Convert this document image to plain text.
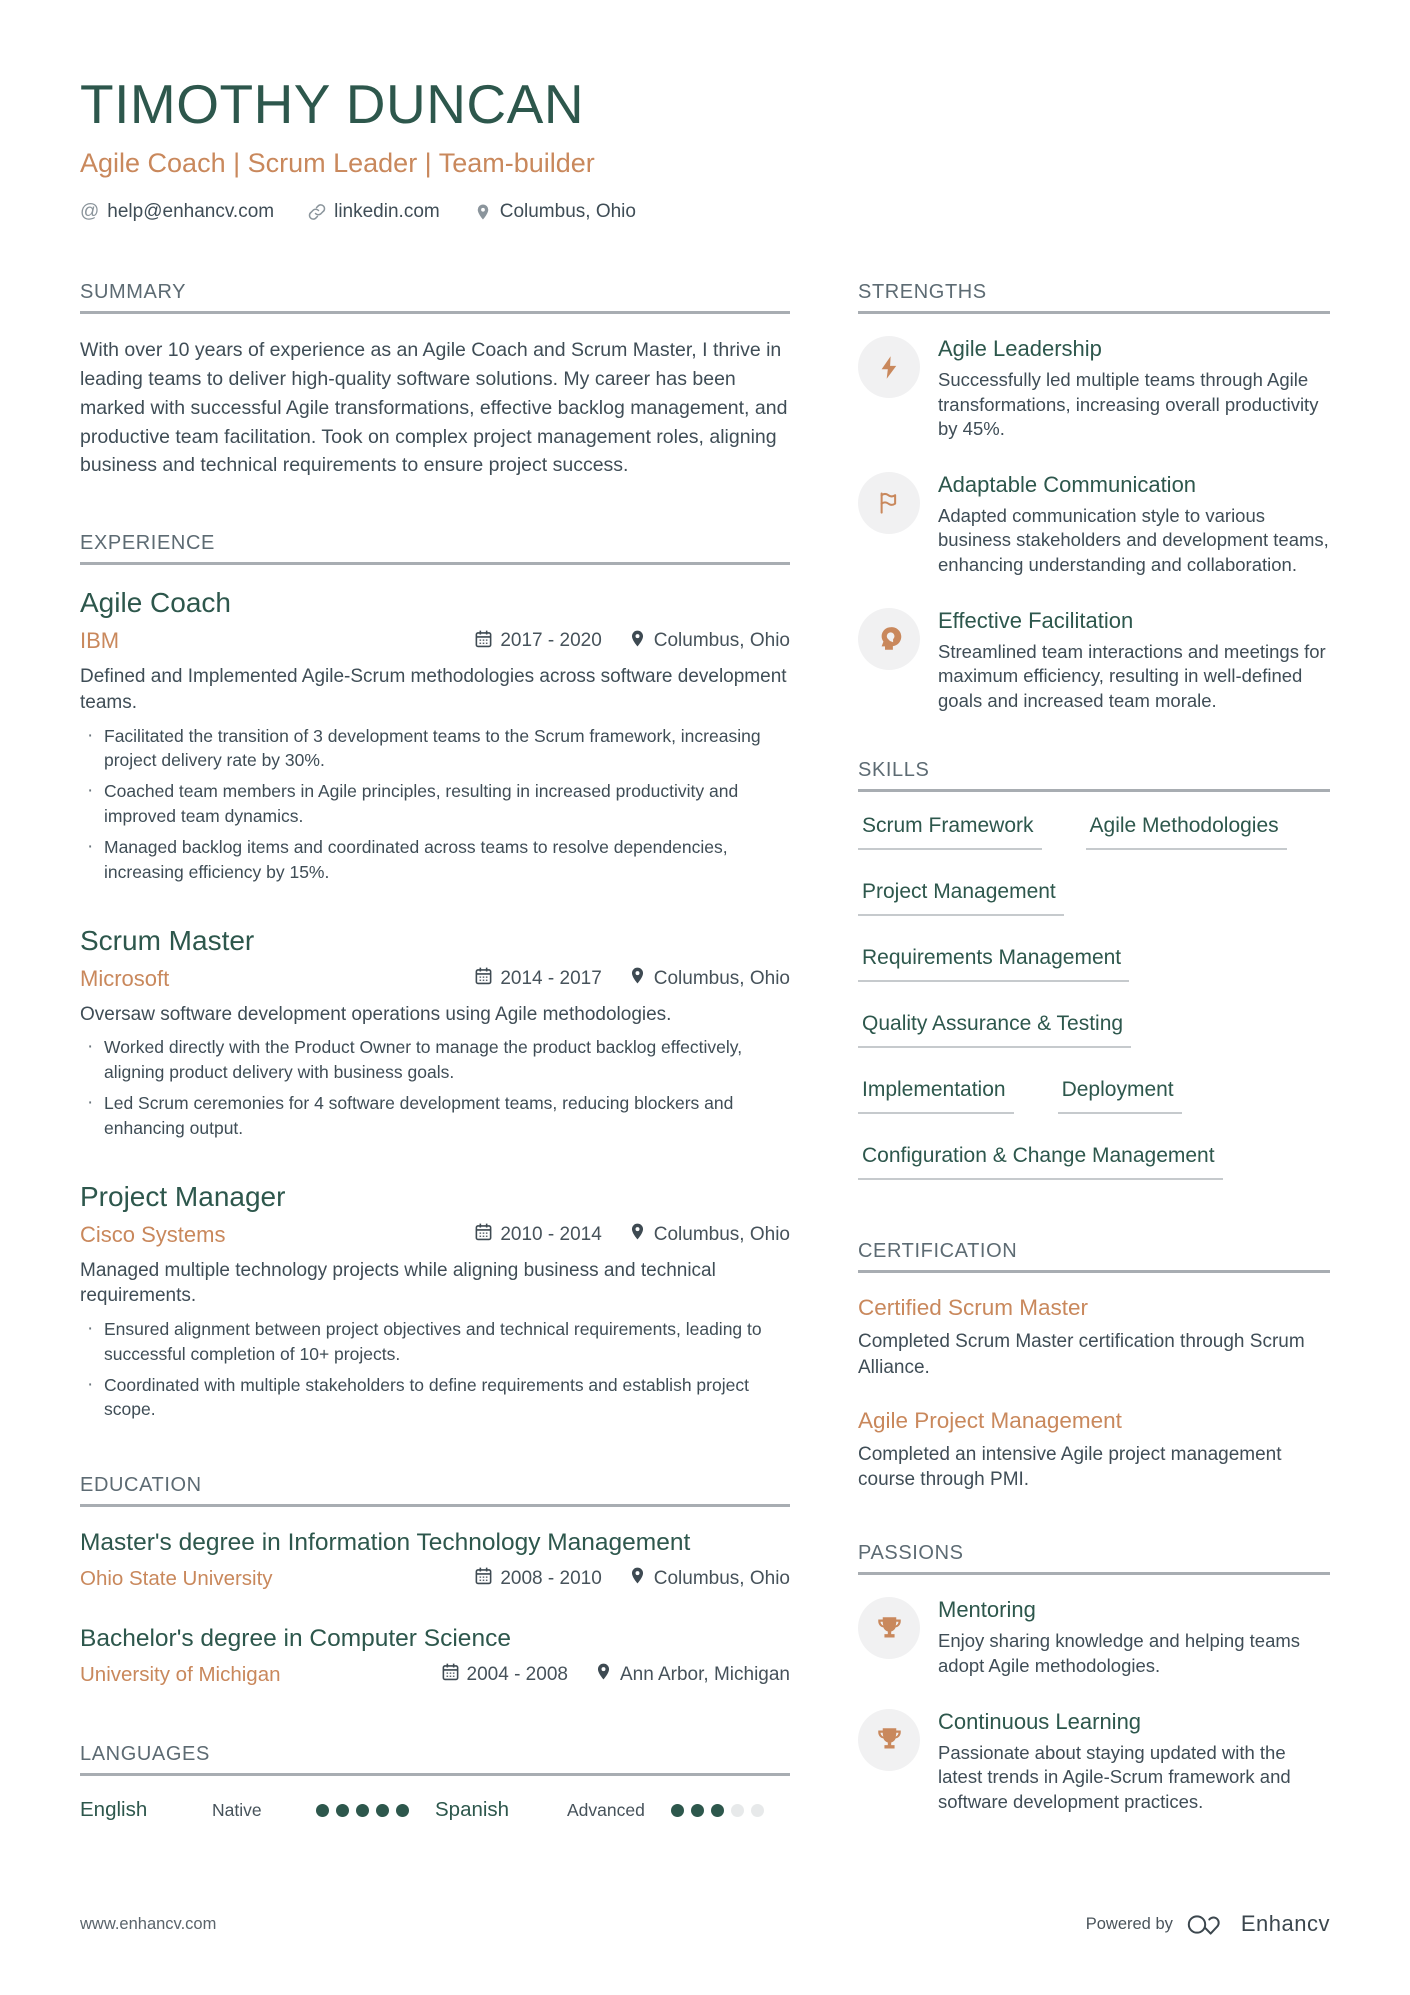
TIMOTHY DUNCAN
Agile Coach | Scrum Leader | Team-builder
@ help@enhancv.com	linkedin.com	Columbus, Ohio
SUMMARY
With over 10 years of experience as an Agile Coach and Scrum Master, I thrive in leading teams to deliver high-quality software solutions. My career has been marked with successful Agile transformations, effective backlog management, and productive team facilitation. Took on complex project management roles, aligning business and technical requirements to ensure project success.
EXPERIENCE
Agile Coach
IBM	2017 - 2020	Columbus, Ohio
Defined and Implemented Agile-Scrum methodologies across software development teams.
· Facilitated the transition of 3 development teams to the Scrum framework, increasing project delivery rate by 30%.
· Coached team members in Agile principles, resulting in increased productivity and improved team dynamics.
· Managed backlog items and coordinated across teams to resolve dependencies, increasing efficiency by 15%.
Scrum Master
Microsoft	2014 - 2017	Columbus, Ohio
Oversaw software development operations using Agile methodologies.
· Worked directly with the Product Owner to manage the product backlog effectively, aligning product delivery with business goals.
· Led Scrum ceremonies for 4 software development teams, reducing blockers and enhancing output.
Project Manager
Cisco Systems	2010 - 2014	Columbus, Ohio
Managed multiple technology projects while aligning business and technical requirements.
· Ensured alignment between project objectives and technical requirements, leading to successful completion of 10+ projects.
· Coordinated with multiple stakeholders to define requirements and establish project scope.
EDUCATION
Master's degree in Information Technology Management
Ohio State University	2008 - 2010	Columbus, Ohio
Bachelor's degree in Computer Science
University of Michigan	2004 - 2008	Ann Arbor, Michigan
LANGUAGES
English	Native	Spanish	Advanced
STRENGTHS
Agile Leadership
Successfully led multiple teams through Agile transformations, increasing overall productivity by 45%.
Adaptable Communication
Adapted communication style to various business stakeholders and development teams, enhancing understanding and collaboration.
Effective Facilitation
Streamlined team interactions and meetings for maximum efficiency, resulting in well-defined goals and increased team morale.
SKILLS
Scrum Framework	Agile Methodologies
Project Management
Requirements Management
Quality Assurance & Testing
Implementation	Deployment
Configuration & Change Management
CERTIFICATION
Certified Scrum Master
Completed Scrum Master certification through Scrum Alliance.
Agile Project Management
Completed an intensive Agile project management course through PMI.
PASSIONS
Mentoring
Enjoy sharing knowledge and helping teams adopt Agile methodologies.
Continuous Learning
Passionate about staying updated with the latest trends in Agile-Scrum framework and software development practices.
www.enhancv.com	Powered by	Enhancv
